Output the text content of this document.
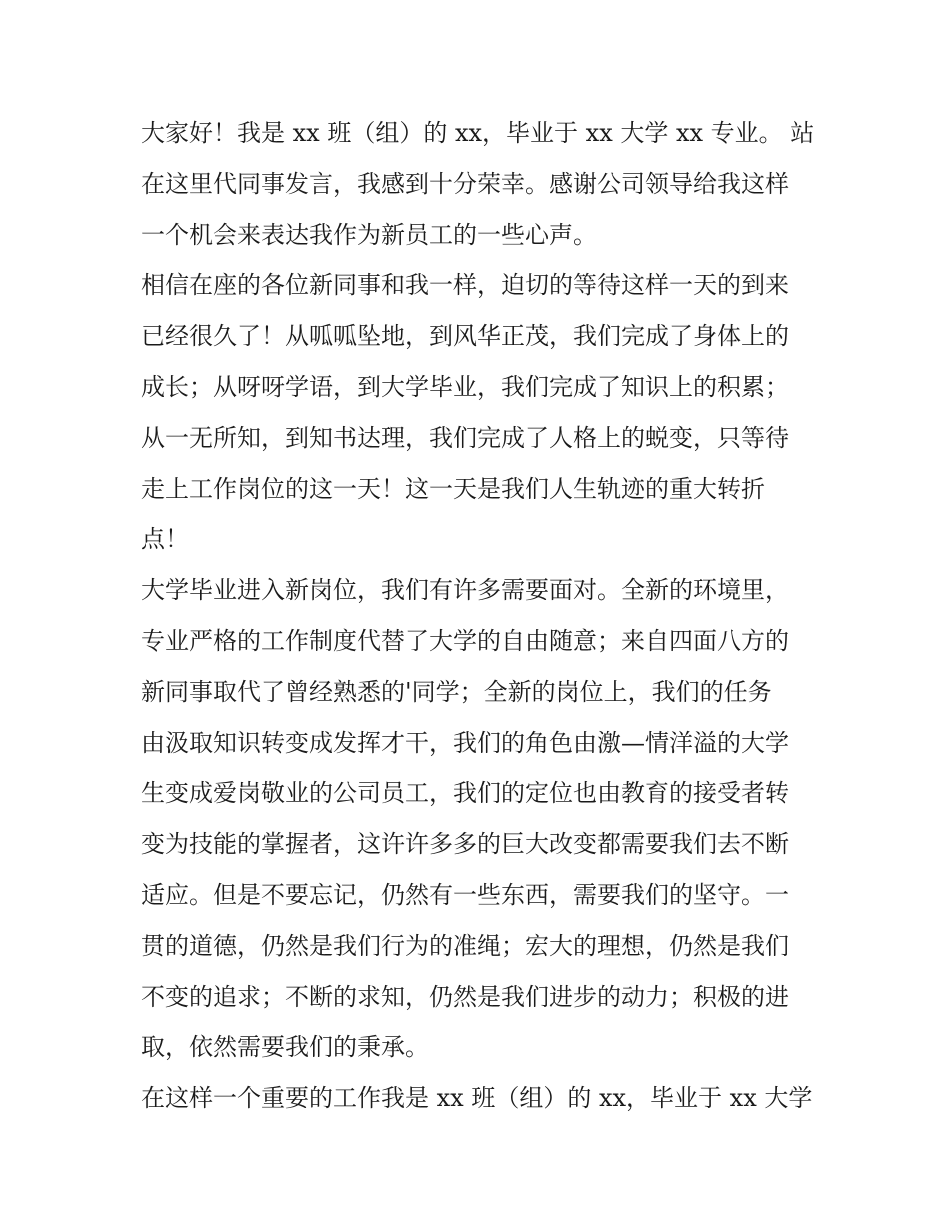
大家好！我是 xx 班（组）的 xx，毕业于 xx 大学 xx 专业。 站
在这里代同事发言，我感到十分荣幸。感谢公司领导给我这样
一个机会来表达我作为新员工的一些心声。

相信在座的各位新同事和我一样，迫切的等待这样一天的到来
已经很久了！从呱呱坠地，到风华正茂，我们完成了身体上的
成长；从呀呀学语，到大学毕业，我们完成了知识上的积累；
从一无所知，到知书达理，我们完成了人格上的蜕变，只等待
走上工作岗位的这一天！这一天是我们人生轨迹的重大转折
点！

大学毕业进入新岗位，我们有许多需要面对。全新的环境里，
专业严格的工作制度代替了大学的自由随意；来自四面八方的
新同事取代了曾经熟悉的'同学；全新的岗位上，我们的任务
由汲取知识转变成发挥才干，我们的角色由激—情洋溢的大学
生变成爱岗敬业的公司员工，我们的定位也由教育的接受者转
变为技能的掌握者，这许许多多的巨大改变都需要我们去不断
适应。但是不要忘记，仍然有一些东西，需要我们的坚守。一
贯的道德，仍然是我们行为的准绳；宏大的理想，仍然是我们
不变的追求；不断的求知，仍然是我们进步的动力；积极的进
取，依然需要我们的秉承。

在这样一个重要的工作我是 xx 班（组）的 xx，毕业于 xx 大学
